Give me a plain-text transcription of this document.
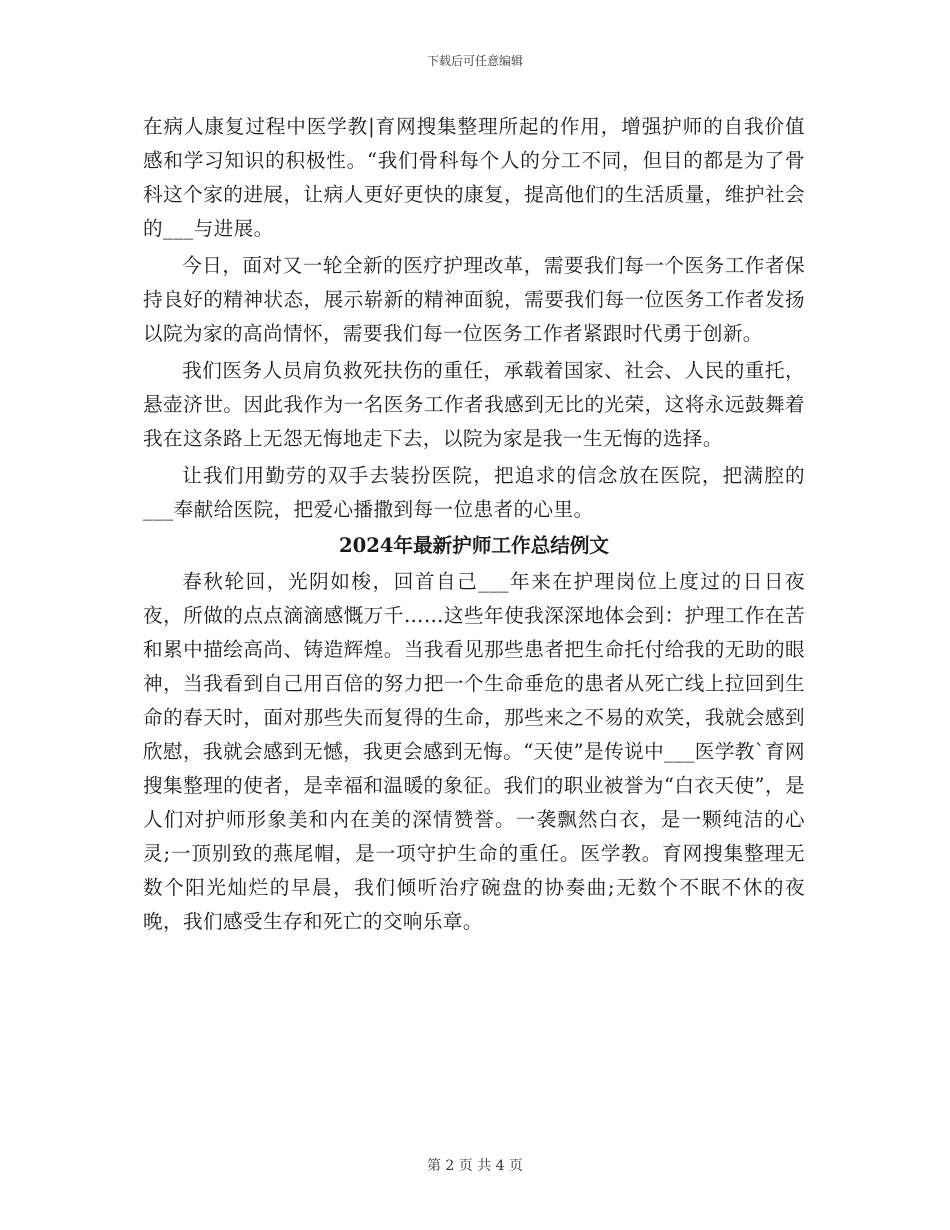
下载后可任意编辑

在病人康复过程中医学教|育网搜集整理所起的作用，增强护师的自我价值感和学习知识的积极性。“我们骨科每个人的分工不同，但目的都是为了骨科这个家的进展，让病人更好更快的康复，提高他们的生活质量，维护社会的___与进展。

今日，面对又一轮全新的医疗护理改革，需要我们每一个医务工作者保持良好的精神状态，展示崭新的精神面貌，需要我们每一位医务工作者发扬以院为家的高尚情怀，需要我们每一位医务工作者紧跟时代勇于创新。

我们医务人员肩负救死扶伤的重任，承载着国家、社会、人民的重托，悬壶济世。因此我作为一名医务工作者我感到无比的光荣，这将永远鼓舞着我在这条路上无怨无悔地走下去，以院为家是我一生无悔的选择。

让我们用勤劳的双手去装扮医院，把追求的信念放在医院，把满腔的___奉献给医院，把爱心播撒到每一位患者的心里。

2024年最新护师工作总结例文

春秋轮回，光阴如梭，回首自己___年来在护理岗位上度过的日日夜夜，所做的点点滴滴感慨万千……这些年使我深深地体会到：护理工作在苦和累中描绘高尚、铸造辉煌。当我看见那些患者把生命托付给我的无助的眼神，当我看到自己用百倍的努力把一个生命垂危的患者从死亡线上拉回到生命的春天时，面对那些失而复得的生命，那些来之不易的欢笑，我就会感到欣慰，我就会感到无憾，我更会感到无悔。“天使”是传说中___医学教`育网搜集整理的使者，是幸福和温暖的象征。我们的职业被誉为“白衣天使”，是人们对护师形象美和内在美的深情赞誉。一袭飘然白衣，是一颗纯洁的心灵;一顶别致的燕尾帽，是一项守护生命的重任。医学教。育网搜集整理无数个阳光灿烂的早晨，我们倾听治疗碗盘的协奏曲;无数个不眠不休的夜晚，我们感受生存和死亡的交响乐章。

第 2 页 共 4 页
